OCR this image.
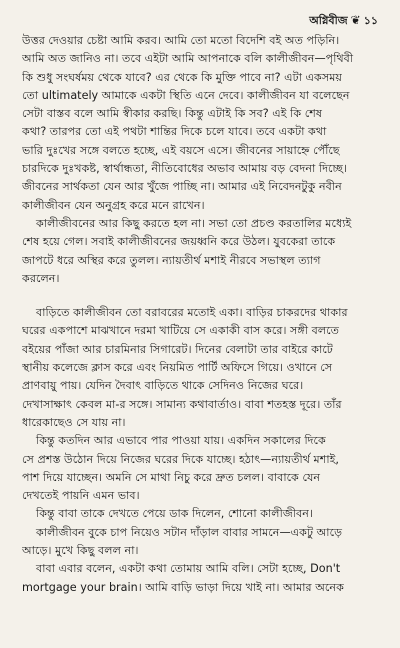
অগ্নিবীজ ❦ ১১
উত্তর দেওয়ার চেষ্টা আমি করব। আমি তো মতো বিদেশি বই অত পড়িনি।
আমি অত জানিও না। তবে এইটা আমি আপনাকে বলি কালীজীবন—পৃথিবী
কি শুধু সংঘর্ষময় থেকে যাবে? এর থেকে কি মুক্তি পাবে না? এটা একসময়
তো ultimately আমাকে একটা স্থিতি এনে দেবে। কালীজীবন যা বলেছেন
সেটা বাস্তব বলে আমি স্বীকার করছি। কিন্তু এটাই কি সব? এই কি শেষ
কথা? তারপর তো এই পথটা শান্তির দিকে চলে যাবে। তবে একটা কথা
ভারি দুঃখের সঙ্গে বলতে হচ্ছে, এই বয়সে এসে। জীবনের সায়াহ্নে পৌঁছে
চারদিকে দুঃখকষ্ট, স্বার্থান্ধতা, নীতিবোধের অভাব আমায় বড় বেদনা দিচ্ছে।
জীবনের সার্থকতা যেন আর খুঁজে পাচ্ছি না। আমার এই নিবেদনটুকু নবীন
কালীজীবন যেন অনুগ্রহ করে মনে রাখেন।
কালীজীবনের আর কিছু করতে হল না। সভা তো প্রচণ্ড করতালির মধ্যেই
শেষ হয়ে গেল। সবাই কালীজীবনের জয়ধ্বনি করে উঠল। যুবকেরা তাকে
জাপটে ধরে অস্থির করে তুলল। ন্যায়তীর্থ মশাই নীরবে সভাস্থল ত্যাগ
করলেন।
বাড়িতে কালীজীবন তো বরাবরের মতোই একা। বাড়ির চাকরদের থাকার
ঘরের একপাশে মাঝখানে দরমা খাটিয়ে সে একাকী বাস করে। সঙ্গী বলতে
বইয়ের পাঁজা আর চারমিনার সিগারেট। দিনের বেলাটা তার বাইরে কাটে
স্থানীয় কলেজে ক্লাস করে এবং নিয়মিত পার্টি অফিসে গিয়ে। ওখানে সে
প্রাণবায়ু পায়। যেদিন দৈবাৎ বাড়িতে থাকে সেদিনও নিজের ঘরে।
দেখাসাক্ষাৎ কেবল মা-র সঙ্গে। সামান্য কথাবার্তাও। বাবা শতহস্ত দূরে। তাঁর
ধারেকাছেও সে যায় না।
কিন্তু কতদিন আর এভাবে পার পাওয়া যায়। একদিন সকালের দিকে
সে প্রশস্ত উঠোন দিয়ে নিজের ঘরের দিকে যাচ্ছে। হঠাৎ—ন্যায়তীর্থ মশাই,
পাশ দিয়ে যাচ্ছেন। অমনি সে মাথা নিচু করে দ্রুত চলল। বাবাকে যেন
দেখতেই পায়নি এমন ভাব।
কিন্তু বাবা তাকে দেখতে পেয়ে ডাক দিলেন, শোনো কালীজীবন।
কালীজীবন বুকে চাপ নিয়েও সটান দাঁড়াল বাবার সামনে—একটু আড়ে
আড়ে। মুখে কিছু বলল না।
বাবা এবার বলেন, একটা কথা তোমায় আমি বলি। সেটা হচ্ছে, Don't
mortgage your brain। আমি বাড়ি ভাড়া দিয়ে খাই না। আমার অনেক
